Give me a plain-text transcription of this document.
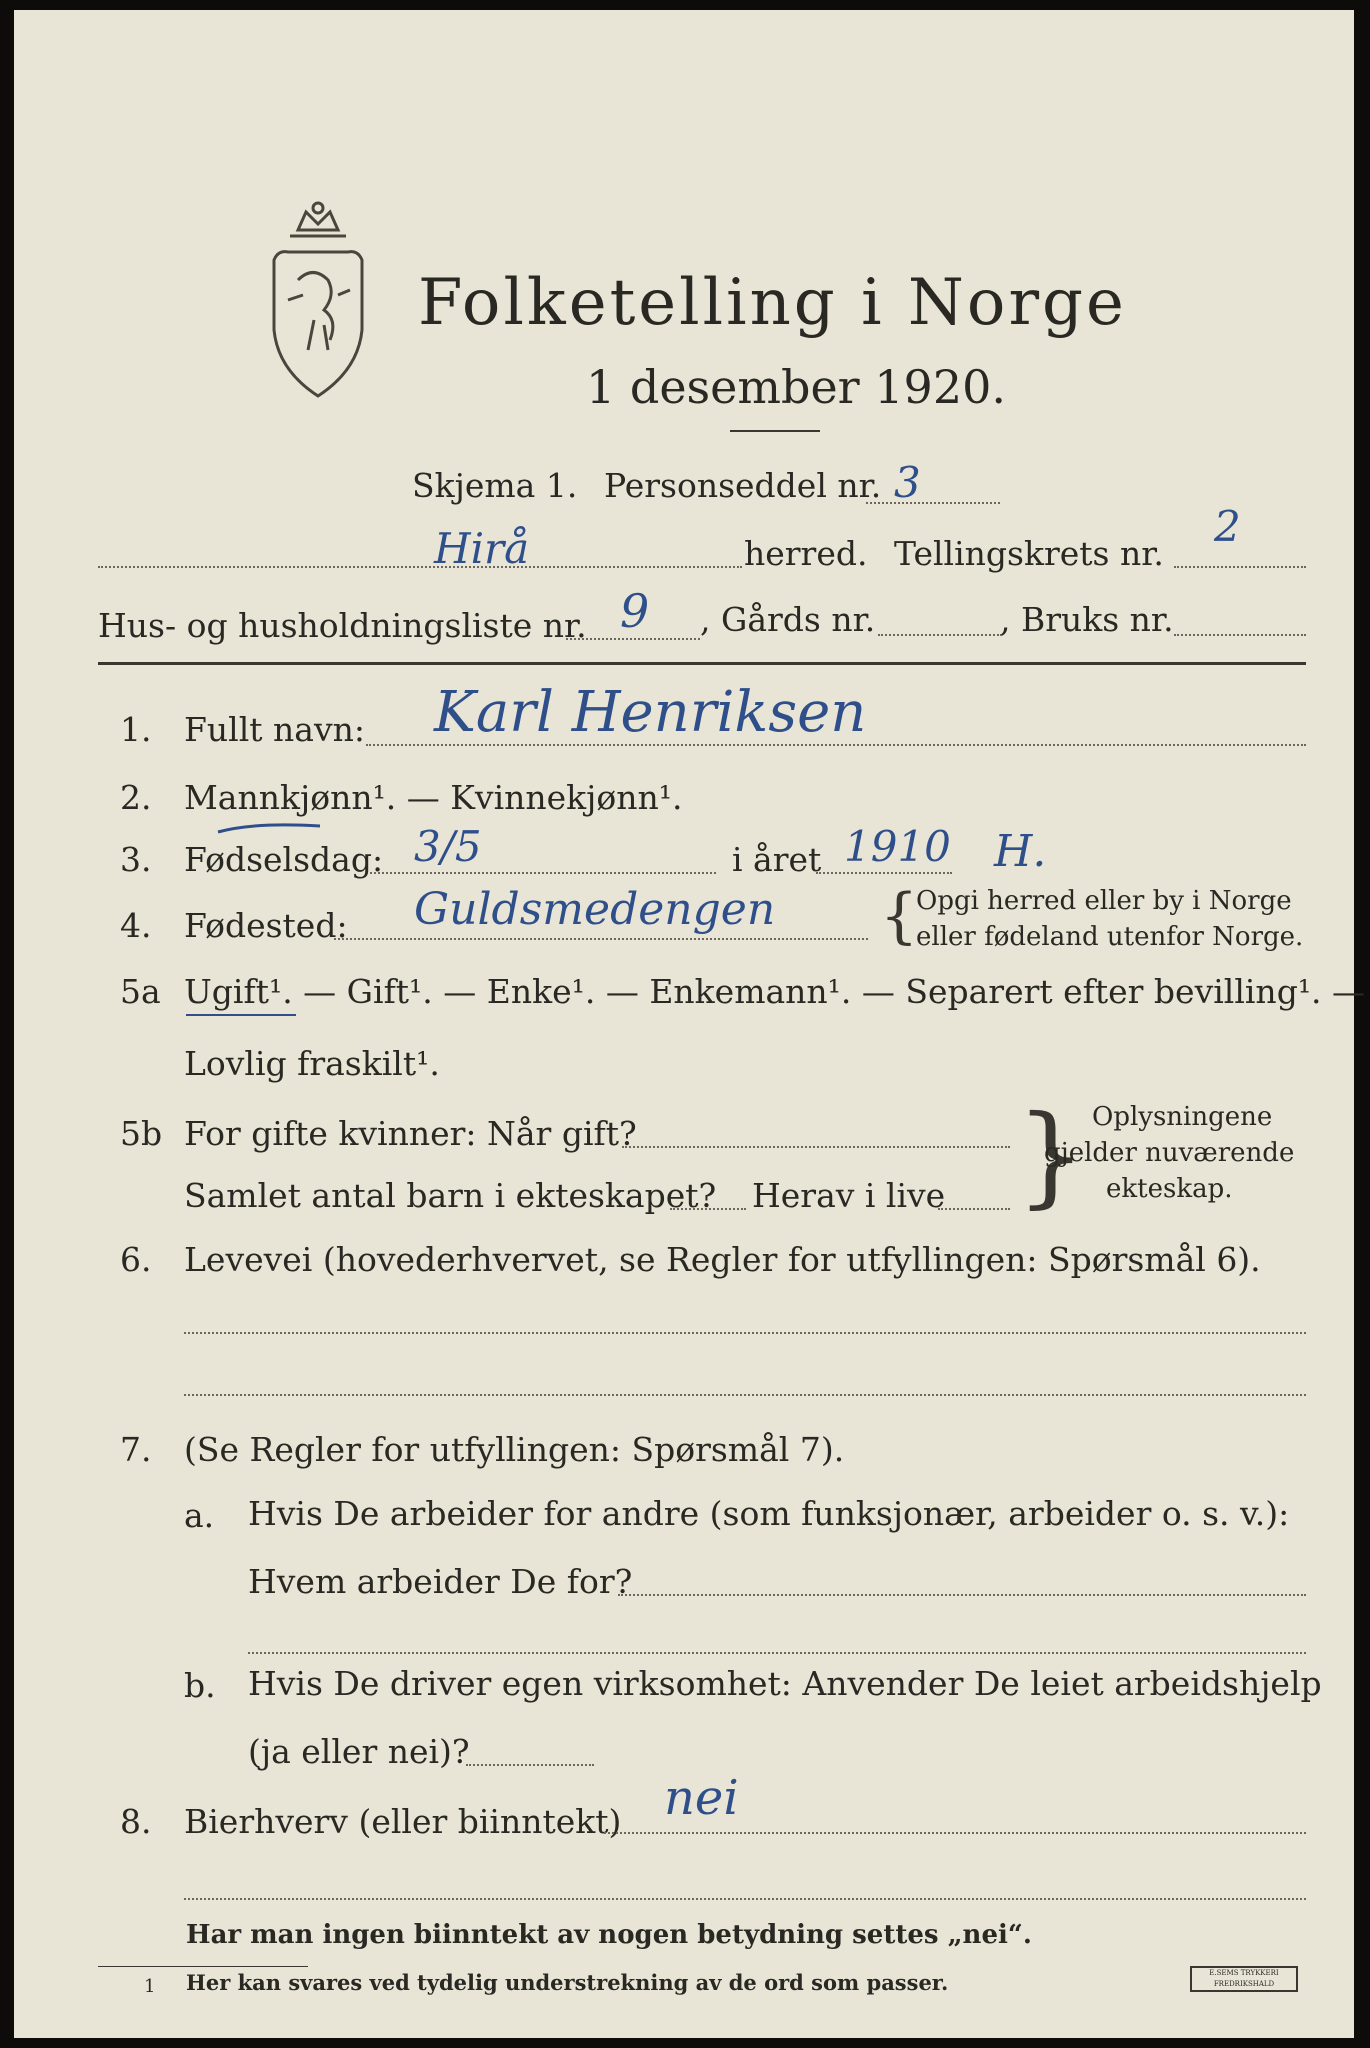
Folketelling i Norge
1 desember 1920.
Skjema 1. Personseddel nr. 3
Hirå	herred. Tellingskrets nr.
2
Hus- og husholdningsliste nr. 9 , Gårds nr.	, Bruks nr.
1. Fullt navn: Karl Henriksen
2. Mannkjønn¹. — Kvinnekjønn¹.
3. Fødselsdag: 3/5	i året 1910 H.
4. Fødested: Guldsmedengen {
Opgi herred eller by i Norge
eller fødeland utenfor Norge.
5a Ugift¹. — Gift¹. — Enke¹. — Enkemann¹. — Separert efter bevilling¹. —
Lovlig fraskilt¹.
5b For gifte kvinner: Når gift?
Samlet antal barn i ekteskapet? Herav i live } Oplysningene
gjelder nuværende
ekteskap.
6. Levevei (hovederhvervet, se Regler for utfyllingen: Spørsmål 6).
7. (Se Regler for utfyllingen: Spørsmål 7).
a. Hvis De arbeider for andre (som funksjonær, arbeider o. s. v.):
Hvem arbeider De for?
b. Hvis De driver egen virksomhet: Anvender De leiet arbeidshjelp
(ja eller nei)?
8. Bierhverv (eller biinntekt) nei
Har man ingen biinntekt av nogen betydning settes „nei“.
1 Her kan svares ved tydelig understrekning av de ord som passer.	E.SEMS TRYKKERI FREDRIKSHALD
